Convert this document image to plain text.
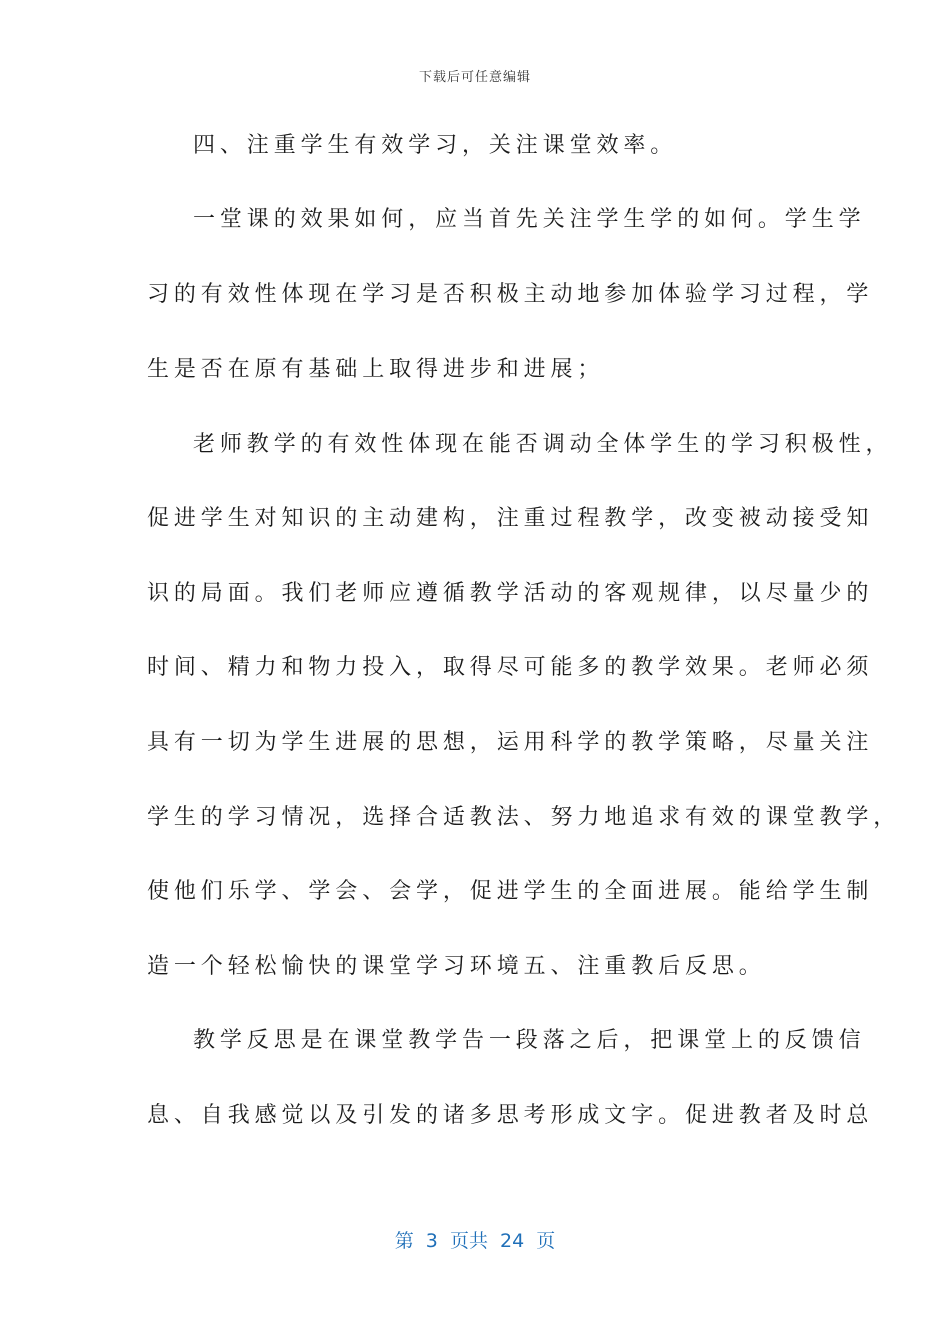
下载后可任意编辑
四、注重学生有效学习，关注课堂效率。
一堂课的效果如何，应当首先关注学生学的如何。学生学
习的有效性体现在学习是否积极主动地参加体验学习过程，学
生是否在原有基础上取得进步和进展；
老师教学的有效性体现在能否调动全体学生的学习积极性，
促进学生对知识的主动建构，注重过程教学，改变被动接受知
识的局面。我们老师应遵循教学活动的客观规律，以尽量少的
时间、精力和物力投入，取得尽可能多的教学效果。老师必须
具有一切为学生进展的思想，运用科学的教学策略，尽量关注
学生的学习情况，选择合适教法、努力地追求有效的课堂教学，
使他们乐学、学会、会学，促进学生的全面进展。能给学生制
造一个轻松愉快的课堂学习环境五、注重教后反思。
教学反思是在课堂教学告一段落之后，把课堂上的反馈信
息、自我感觉以及引发的诸多思考形成文字。促进教者及时总
第  3  页共  24  页
